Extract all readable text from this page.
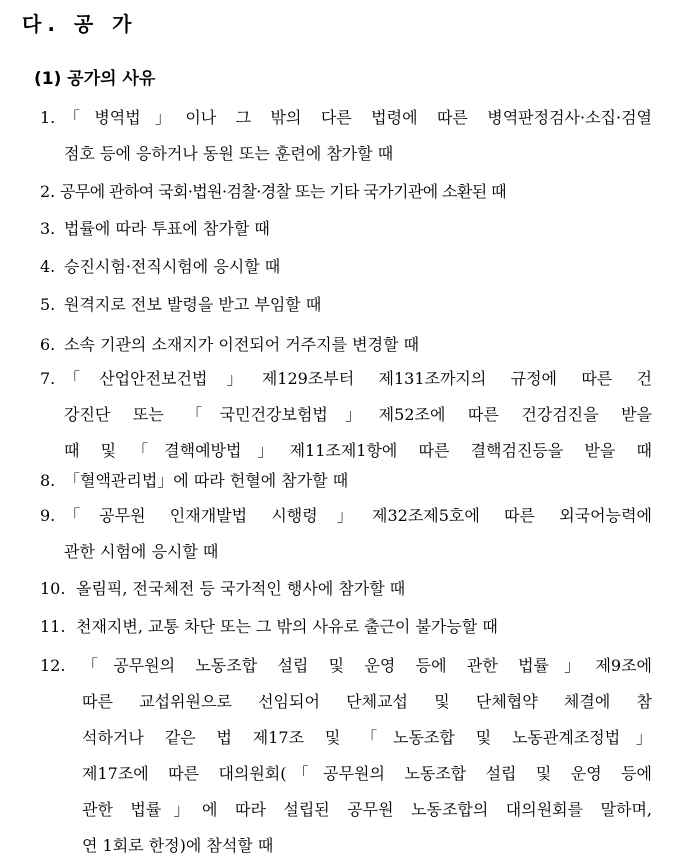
다. 공 가
(1) 공가의 사유
1. 「병역법」이나 그 밖의 다른 법령에 따른 병역판정검사·소집·검열
점호 등에 응하거나 동원 또는 훈련에 참가할 때
2. 공무에 관하여 국회·법원·검찰·경찰 또는 기타 국가기관에 소환된 때
3. 법률에 따라 투표에 참가할 때
4. 승진시험·전직시험에 응시할 때
5. 원격지로 전보 발령을 받고 부임할 때
6. 소속 기관의 소재지가 이전되어 거주지를 변경할 때
7. 「산업안전보건법」제129조부터 제131조까지의 규정에 따른 건
강진단 또는 「국민건강보험법」제52조에 따른 건강검진을 받을
때 및「결핵예방법」제11조제1항에 따른 결핵검진등을 받을 때
8. 「혈액관리법」에 따라 헌혈에 참가할 때
9. 「공무원 인재개발법 시행령」제32조제5호에 따른 외국어능력에
관한 시험에 응시할 때
10. 올림픽, 전국체전 등 국가적인 행사에 참가할 때
11. 천재지변, 교통 차단 또는 그 밖의 사유로 출근이 불가능할 때
12. 「공무원의 노동조합 설립 및 운영 등에 관한 법률」제9조에
따른 교섭위원으로 선임되어 단체교섭 및 단체협약 체결에 참
석하거나 같은 법 제17조 및 「노동조합 및 노동관계조정법」
제17조에 따른 대의원회(「공무원의 노동조합 설립 및 운영 등에
관한 법률」에 따라 설립된 공무원 노동조합의 대의원회를 말하며,
연 1회로 한정)에 참석할 때
